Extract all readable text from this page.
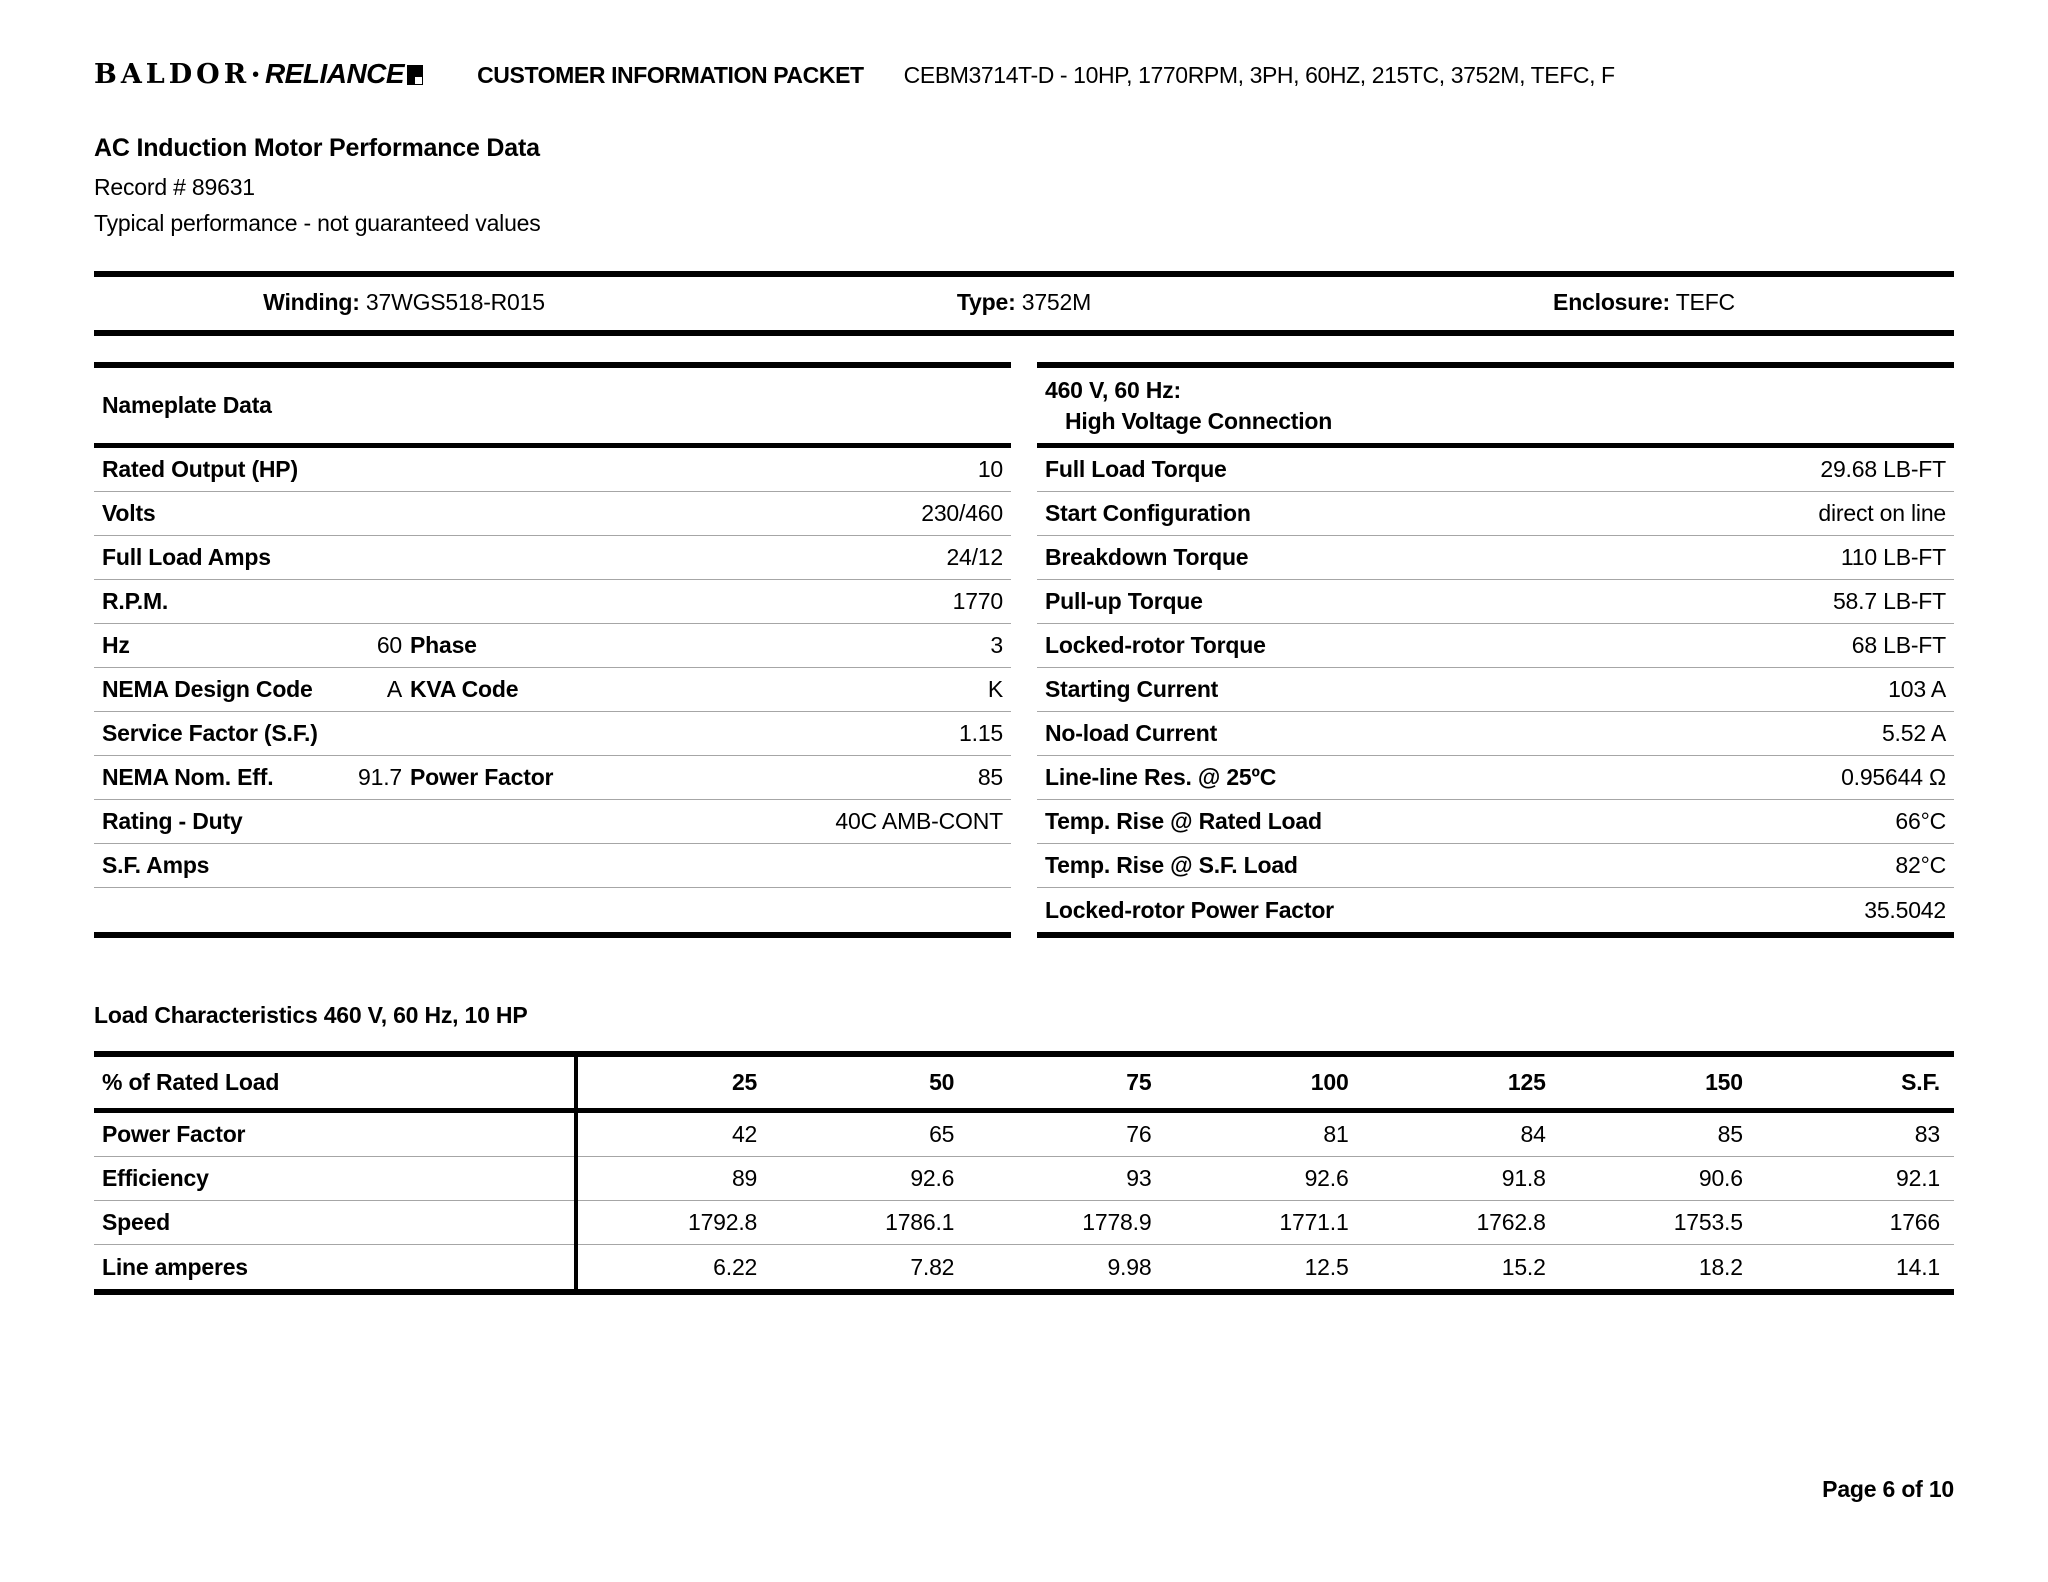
BALDOR • RELIANCE	CUSTOMER INFORMATION PACKET CEBM3714T-D - 10HP, 1770RPM, 3PH, 60HZ, 215TC, 3752M, TEFC, F
AC Induction Motor Performance Data
Record # 89631
Typical performance - not guaranteed values
Winding: 37WGS518-R015	Type: 3752M	Enclosure: TEFC
Nameplate Data
Rated Output (HP)	10
Volts	230/460
Full Load Amps	24/12
R.P.M.	1770
Hz	60 Phase	3
NEMA Design Code	A KVA Code	K
Service Factor (S.F.)	1.15
NEMA Nom. Eff.	91.7 Power Factor	85
Rating - Duty	40C AMB-CONT
S.F. Amps
460 V, 60 Hz:
High Voltage Connection
Full Load Torque	29.68 LB-FT
Start Configuration	direct on line
Breakdown Torque	110 LB-FT
Pull-up Torque	58.7 LB-FT
Locked-rotor Torque	68 LB-FT
Starting Current	103 A
No-load Current	5.52 A
Line-line Res. @ 25ºC	0.95644 Ω
Temp. Rise @ Rated Load	66°C
Temp. Rise @ S.F. Load	82°C
Locked-rotor Power Factor	35.5042
Load Characteristics 460 V, 60 Hz, 10 HP
% of Rated Load	25	50	75	100	125	150	S.F.
Power Factor	42	65	76	81	84	85	83
Efficiency	89	92.6	93	92.6	91.8	90.6	92.1
Speed	1792.8	1786.1	1778.9	1771.1	1762.8	1753.5	1766
Line amperes	6.22	7.82	9.98	12.5	15.2	18.2	14.1
Page 6 of 10
